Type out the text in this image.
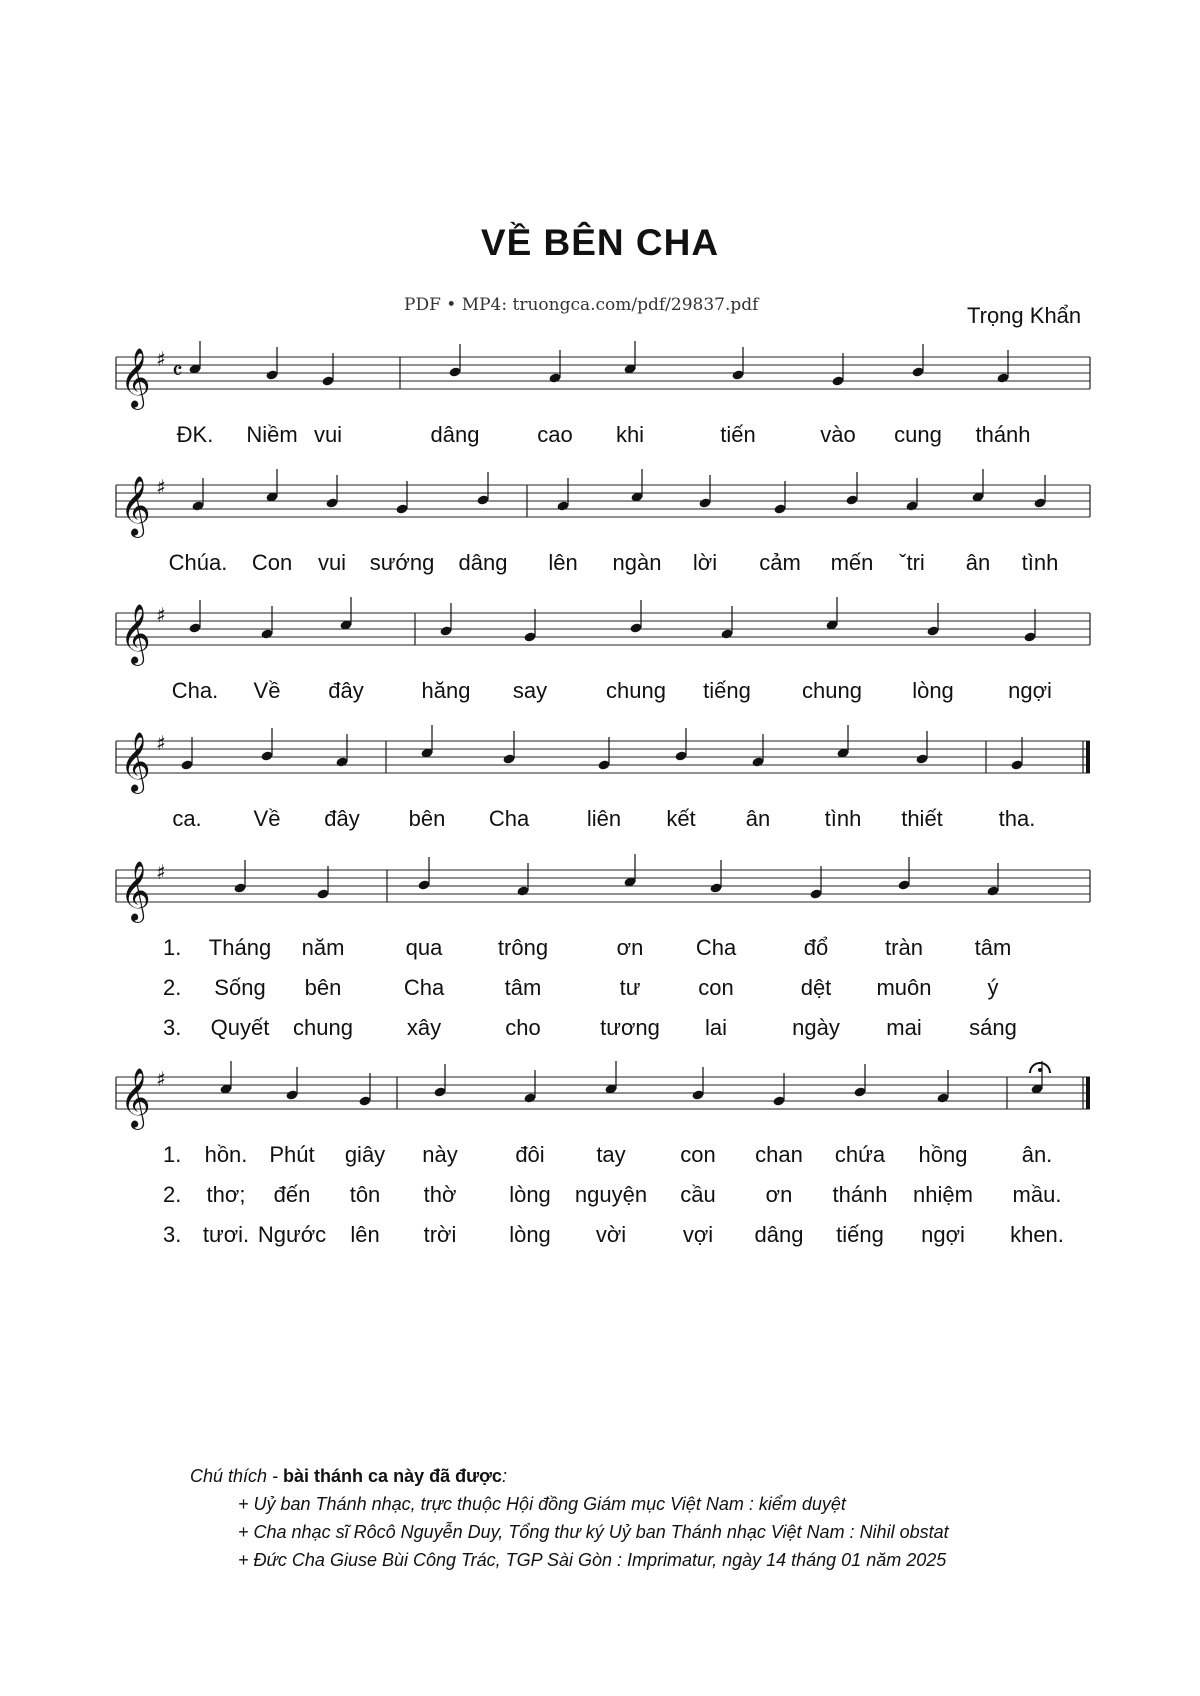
VỀ BÊN CHA
PDF • MP4: truongca.com/pdf/29837.pdf	Trọng Khẩn
𝄞 ♯ 𝄴
𝄞 ♯
𝄞 ♯
𝄞 ♯
𝄞 ♯
𝄞 ♯
ĐK. Niềm vui	dâng	cao khi	tiến	vào cung thánh
Chúa. Con vui sướng dâng lên ngàn lời cảm mến ˇtri ân tình
Cha. Về đây	hăng say	chung tiếng chung lòng ngợi
ca. Về đây bên Cha	liên kết ân tình thiết	tha.
1. Tháng năm	qua	trông	ơn Cha	đổ	tràn tâm
2. Sống bên	Cha	tâm	tư	con	dệt muôn	ý
3. Quyết chung xây	cho	tương lai	ngày mai sáng
1. hồn. Phút giây này	đôi tay con chan chứa hồng ân.
2. thơ; đến tôn thờ lòng nguyện cầu ơn thánh nhiệm mầu.
3. tươi. Ngước lên trời lòng vời	vợi dâng tiếng ngợi khen.
Chú thích - bài thánh ca này đã được:
+ Uỷ ban Thánh nhạc, trực thuộc Hội đồng Giám mục Việt Nam : kiểm duyệt
+ Cha nhạc sĩ Rôcô Nguyễn Duy, Tổng thư ký Uỷ ban Thánh nhạc Việt Nam : Nihil obstat
+ Đức Cha Giuse Bùi Công Trác, TGP Sài Gòn : Imprimatur, ngày 14 tháng 01 năm 2025
